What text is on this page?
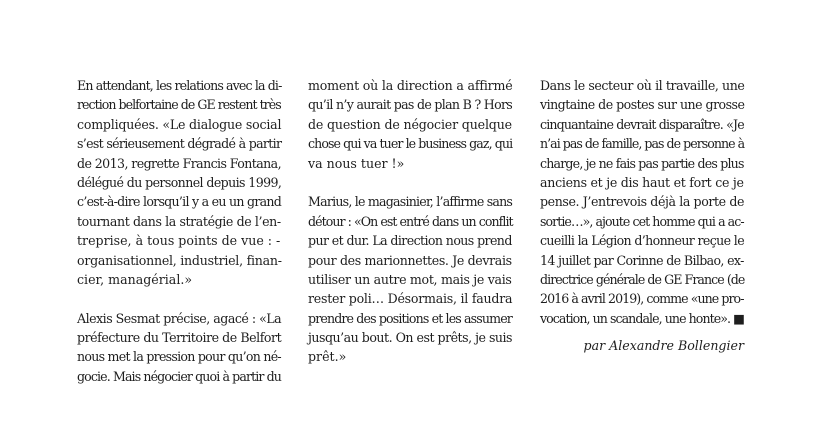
En attendant, les relations avec la di-
rection belfortaine de GE restent très
compliquées. «Le dialogue social
s’est sérieusement dégradé à partir
de 2013, regrette Francis Fontana,
délégué du personnel depuis 1999,
c’est-à-dire lorsqu’il y a eu un grand
tournant dans la stratégie de l’en-
treprise, à tous points de vue : -
organisationnel, industriel, finan-
cier, managérial.»
Alexis Sesmat précise, agacé : «La
préfecture du Territoire de Belfort
nous met la pression pour qu’on né-
gocie. Mais négocier quoi à partir du
moment où la direction a affirmé
qu’il n’y aurait pas de plan B ? Hors
de question de négocier quelque
chose qui va tuer le business gaz, qui
va nous tuer !»
Marius, le magasinier, l’affirme sans
détour : «On est entré dans un conflit
pur et dur. La direction nous prend
pour des marionnettes. Je devrais
utiliser un autre mot, mais je vais
rester poli… Désormais, il faudra
prendre des positions et les assumer
jusqu’au bout. On est prêts, je suis
prêt.»
Dans le secteur où il travaille, une
vingtaine de postes sur une grosse
cinquantaine devrait disparaître. «Je
n’ai pas de famille, pas de personne à
charge, je ne fais pas partie des plus
anciens et je dis haut et fort ce je
pense. J’entrevois déjà la porte de
sortie…», ajoute cet homme qui a ac-
cueilli la Légion d’honneur reçue le
14 juillet par Corinne de Bilbao, ex-
directrice générale de GE France (de
2016 à avril 2019), comme «une pro-
vocation, un scandale, une honte». ■
par Alexandre Bollengier
